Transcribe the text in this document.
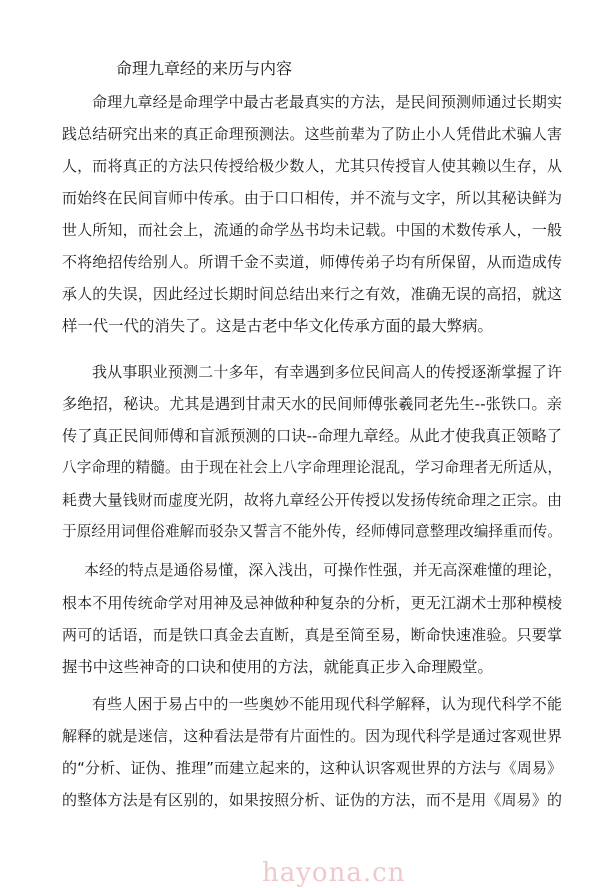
命理九章经的来历与内容
命理九章经是命理学中最古老最真实的方法，是民间预测师通过长期实
践总结研究出来的真正命理预测法。这些前辈为了防止小人凭借此术骗人害
人，而将真正的方法只传授给极少数人，尤其只传授盲人使其赖以生存，从
而始终在民间盲师中传承。由于口口相传，并不流与文字，所以其秘诀鲜为
世人所知，而社会上，流通的命学丛书均未记载。中国的术数传承人，一般
不将绝招传给别人。所谓千金不卖道，师傅传弟子均有所保留，从而造成传
承人的失误，因此经过长期时间总结出来行之有效，准确无误的高招，就这
样一代一代的消失了。这是古老中华文化传承方面的最大弊病。
我从事职业预测二十多年，有幸遇到多位民间高人的传授逐渐掌握了许
多绝招，秘诀。尤其是遇到甘肃天水的民间师傅张羲同老先生--张铁口。亲
传了真正民间师傅和盲派预测的口诀--命理九章经。从此才使我真正领略了
八字命理的精髓。由于现在社会上八字命理理论混乱，学习命理者无所适从，
耗费大量钱财而虚度光阴，故将九章经公开传授以发扬传统命理之正宗。由
于原经用词俚俗难解而驳杂又誓言不能外传，经师傅同意整理改编择重而传。
本经的特点是通俗易懂，深入浅出，可操作性强，并无高深难懂的理论，
根本不用传统命学对用神及忌神做种种复杂的分析，更无江湖术士那种模棱
两可的话语，而是铁口真金去直断，真是至简至易，断命快速准验。只要掌
握书中这些神奇的口诀和使用的方法，就能真正步入命理殿堂。
有些人困于易占中的一些奥妙不能用现代科学解释，认为现代科学不能
解释的就是迷信，这种看法是带有片面性的。因为现代科学是通过客观世界
的“分析、证伪、推理”而建立起来的，这种认识客观世界的方法与《周易》
的整体方法是有区别的，如果按照分析、证伪的方法，而不是用《周易》的
hayona.cn
